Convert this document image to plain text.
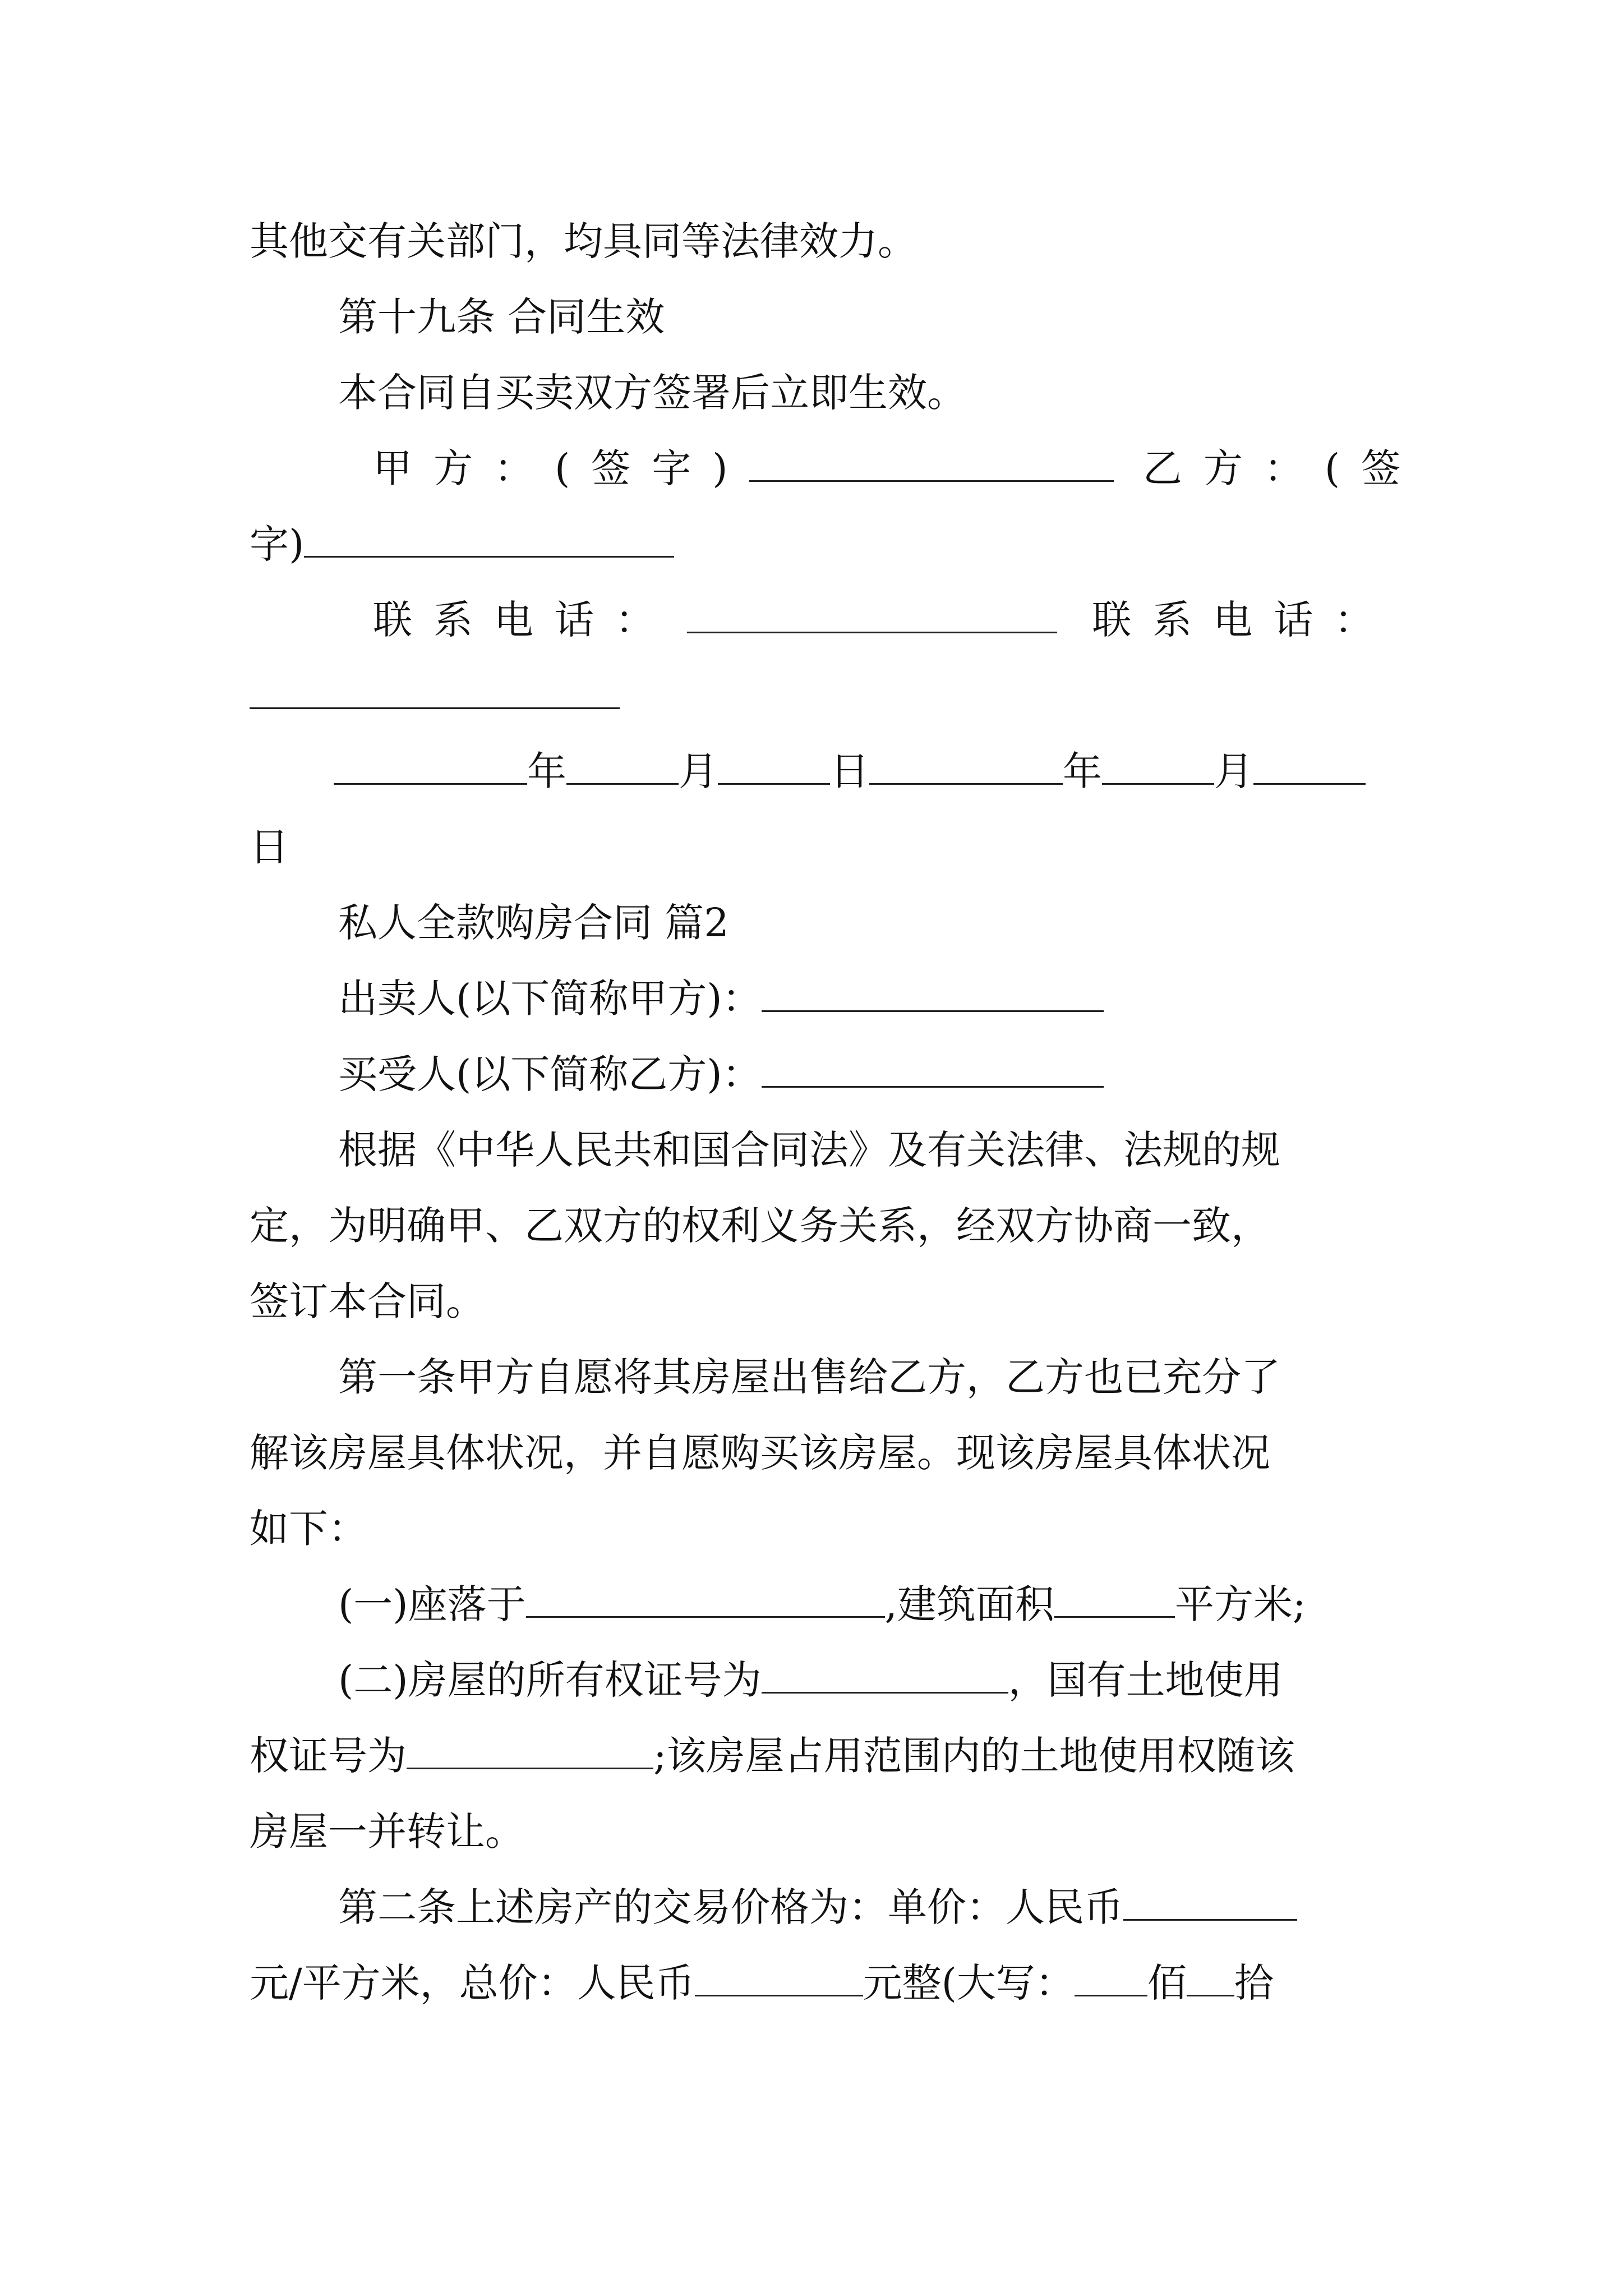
其他交有关部门，均具同等法律效力。
第十九条 合同生效
本合同自买卖双方签署后立即生效。
甲方：(签字)	乙方：(签
字)
联系电话：	联系电话：
年	月	日	年	月
日
私人全款购房合同 篇2
出卖人(以下简称甲方)：
买受人(以下简称乙方)：
根据《中华人民共和国合同法》及有关法律、法规的规
定，为明确甲、乙双方的权利义务关系，经双方协商一致，
签订本合同。
第一条甲方自愿将其房屋出售给乙方，乙方也已充分了
解该房屋具体状况，并自愿购买该房屋。现该房屋具体状况
如下：
(一)座落于	,建筑面积	平方米;
(二)房屋的所有权证号为	，国有土地使用
权证号为	;该房屋占用范围内的土地使用权随该
房屋一并转让。
第二条上述房产的交易价格为：单价：人民币
元/平方米，总价：人民币	元整(大写： 佰 拾
